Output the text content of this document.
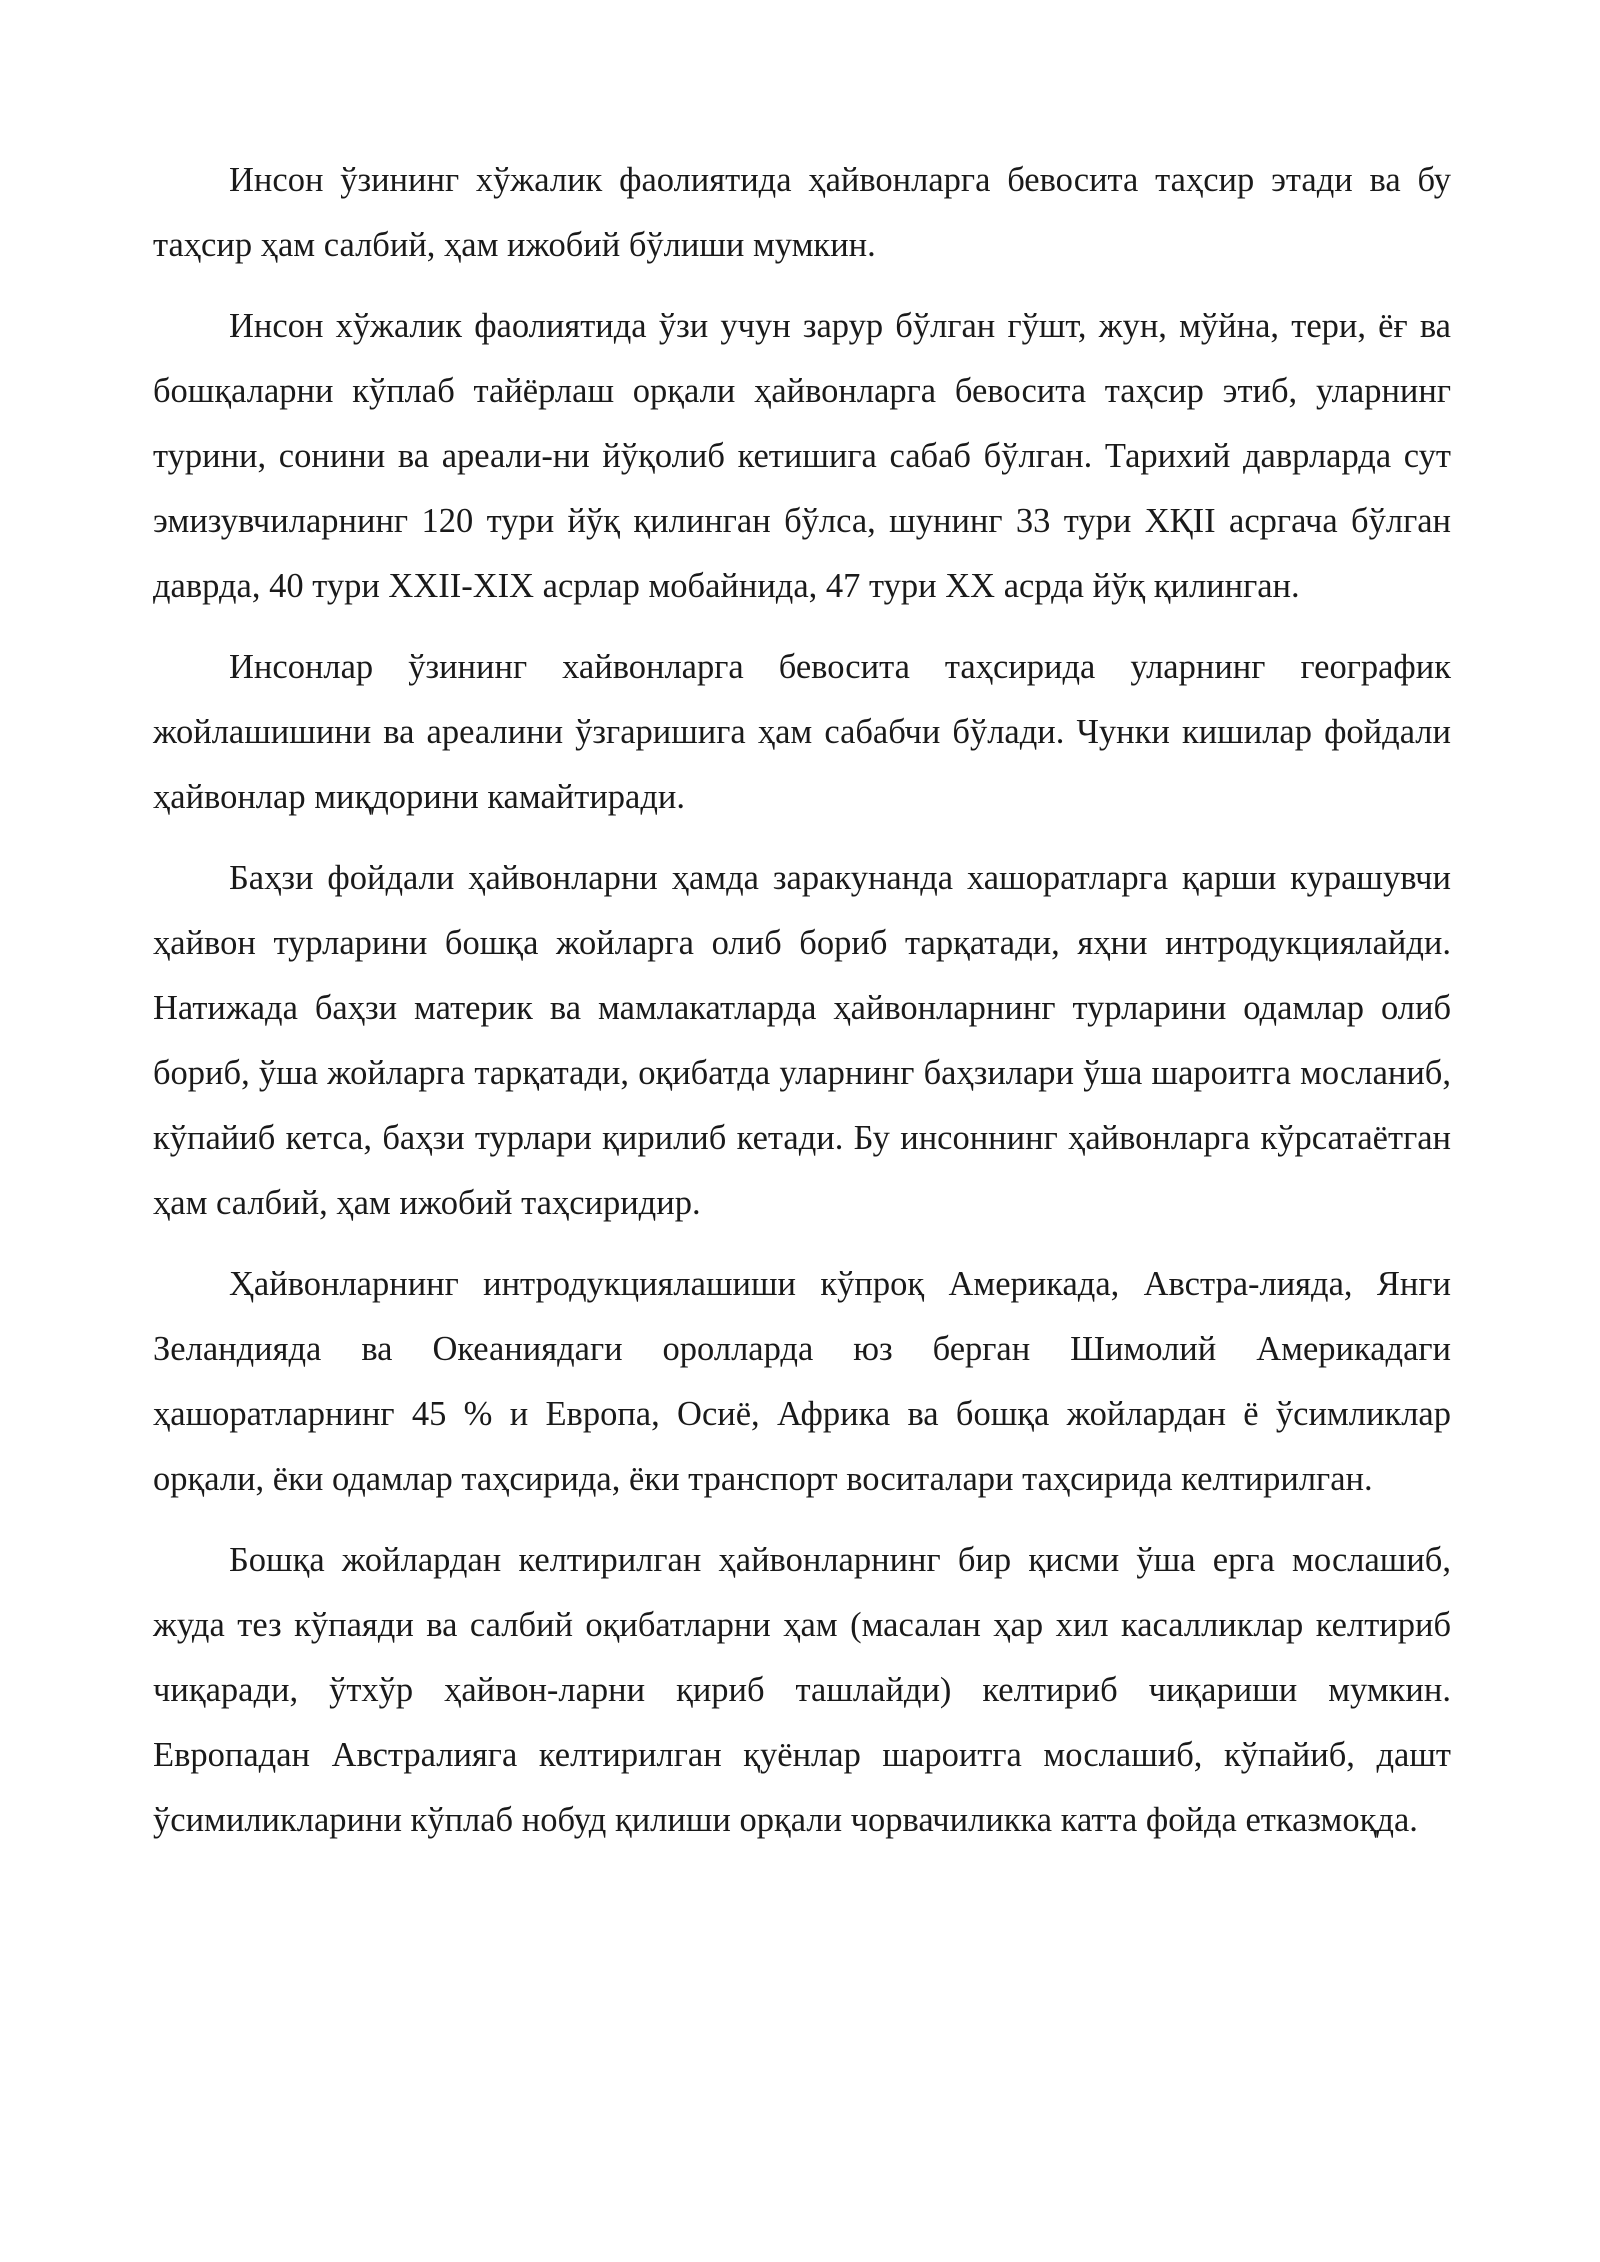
Инсон ўзининг хўжалик фаолиятида ҳайвонларга бевосита таҳсир этади ва бу таҳсир ҳам салбий, ҳам ижобий бўлиши мумкин.

Инсон хўжалик фаолиятида ўзи учун зарур бўлган гўшт, жун, мўйна, тери, ёғ ва бошқаларни кўплаб тайёрлаш орқали ҳайвонларга бевосита таҳсир этиб, уларнинг турини, сонини ва ареали-ни йўқолиб кетишига сабаб бўлган. Тарихий даврларда сут эмизувчиларнинг 120 тури йўқ қилинган бўлса, шунинг 33 тури ХҚII асргача бўлган даврда, 40 тури XXII-XIX асрлар мобайнида, 47 тури XX асрда йўқ қилинган.

Инсонлар ўзининг хайвонларга бевосита таҳсирида уларнинг географик жойлашишини ва ареалини ўзгаришига ҳам сабабчи бўлади. Чунки кишилар фойдали ҳайвонлар миқдорини камайтиради.

Баҳзи фойдали ҳайвонларни ҳамда заракунанда хашоратларга қарши курашувчи ҳайвон турларини бошқа жойларга олиб бориб тарқатади, яҳни интродукциялайди. Натижада баҳзи материк ва мамлакатларда ҳайвонларнинг турларини одамлар олиб бориб, ўша жойларга тарқатади, оқибатда уларнинг баҳзилари ўша шароитга мосланиб, кўпайиб кетса, баҳзи турлари қирилиб кетади. Бу инсоннинг ҳайвонларга кўрсатаётган ҳам салбий, ҳам ижобий таҳсиридир.

Ҳайвонларнинг интродукциялашиши кўпроқ Америкада, Австра-лияда, Янги Зеландияда ва Океаниядаги ороллардa юз берган Шимолий Америкадаги ҳашоратларнинг 45 % и Европа, Осиё, Африка ва бошқа жойлардан ё ўсимликлар орқали, ёки одамлар таҳсирида, ёки транспорт воситалари таҳсирида келтирилган.

Бошқа жойлардан келтирилган ҳайвонларнинг бир қисми ўша ерга мослашиб, жуда тез кўпаяди ва салбий оқибатларни ҳам (масалан ҳар хил касалликлар келтириб чиқаради, ўтхўр ҳайвон-ларни қириб ташлайди) келтириб чиқариши мумкин. Европадан Австралияга келтирилган қуёнлар шароитга мослашиб, кўпайиб, дашт ўсимиликларини кўплаб нобуд қилиши орқали чорвачиликка катта фойда етказмоқда.
